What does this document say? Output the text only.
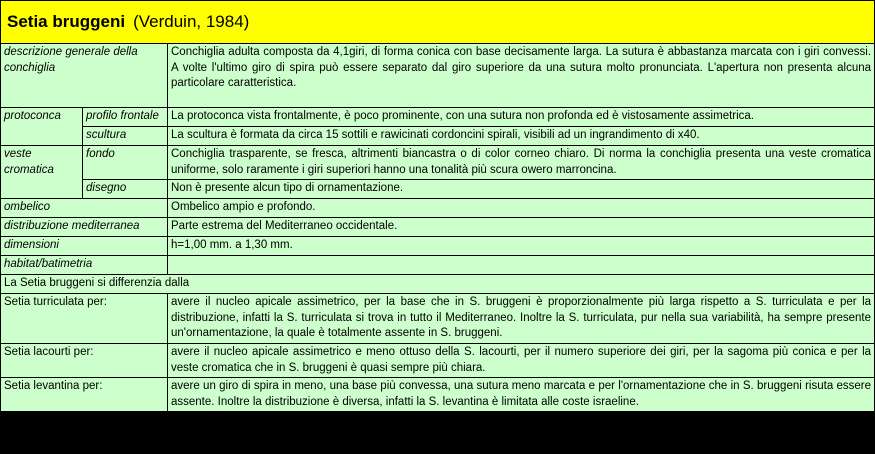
Setia bruggeni (Verduin, 1984)		
descrizione generale della conchiglia		Conchiglia adulta composta da 4,1giri, di forma conica con base decisamente larga. La sutura è abbastanza marcata con i giri convessi. A volte l'ultimo giro di spira può essere separato dal giro superiore da una sutura molto pronunciata. L'apertura non presenta alcuna particolare caratteristica.
protoconca	profilo frontale	La protoconca vista frontalmente, è poco prominente, con una sutura non profonda ed è vistosamente assimetrica.
	scultura	La scultura è formata da circa 15 sottili e rawicinati cordoncini spirali, visibili ad un ingrandimento di x40.
veste cromatica	fondo	Conchiglia trasparente, se fresca, altrimenti biancastra o di color corneo chiaro. Di norma la conchiglia presenta una veste cromatica uniforme, solo raramente i giri superiori hanno una tonalità più scura owero marroncina.
	disegno	Non è presente alcun tipo di ornamentazione.
ombelico		Ombelico ampio e profondo.
distribuzione mediterranea		Parte estrema del Mediterraneo occidentale.
dimensioni		h=1,00 mm. a 1,30 mm.
habitat/batimetria		
La Setia bruggeni si differenzia dalla		
Setia turriculata per:		avere il nucleo apicale assimetrico, per la base che in S. bruggeni è proporzionalmente più larga rispetto a S. turriculata e per la distribuzione, infatti la S. turriculata si trova in tutto il Mediterraneo. Inoltre la S. turriculata, pur nella sua variabilità, ha sempre presente un'ornamentazione, la quale è totalmente assente in S. bruggeni.
Setia lacourti per:		avere il nucleo apicale assimetrico e meno ottuso della S. lacourti, per il numero superiore dei giri, per la sagoma più conica e per la veste cromatica che in S. bruggeni è quasi sempre più chiara.
Setia levantina per:		avere un giro di spira in meno, una base più convessa, una sutura meno marcata e per l'ornamentazione che in S. bruggeni risuta essere assente. Inoltre la distribuzione è diversa, infatti la S. levantina è limitata alle coste israeline.
